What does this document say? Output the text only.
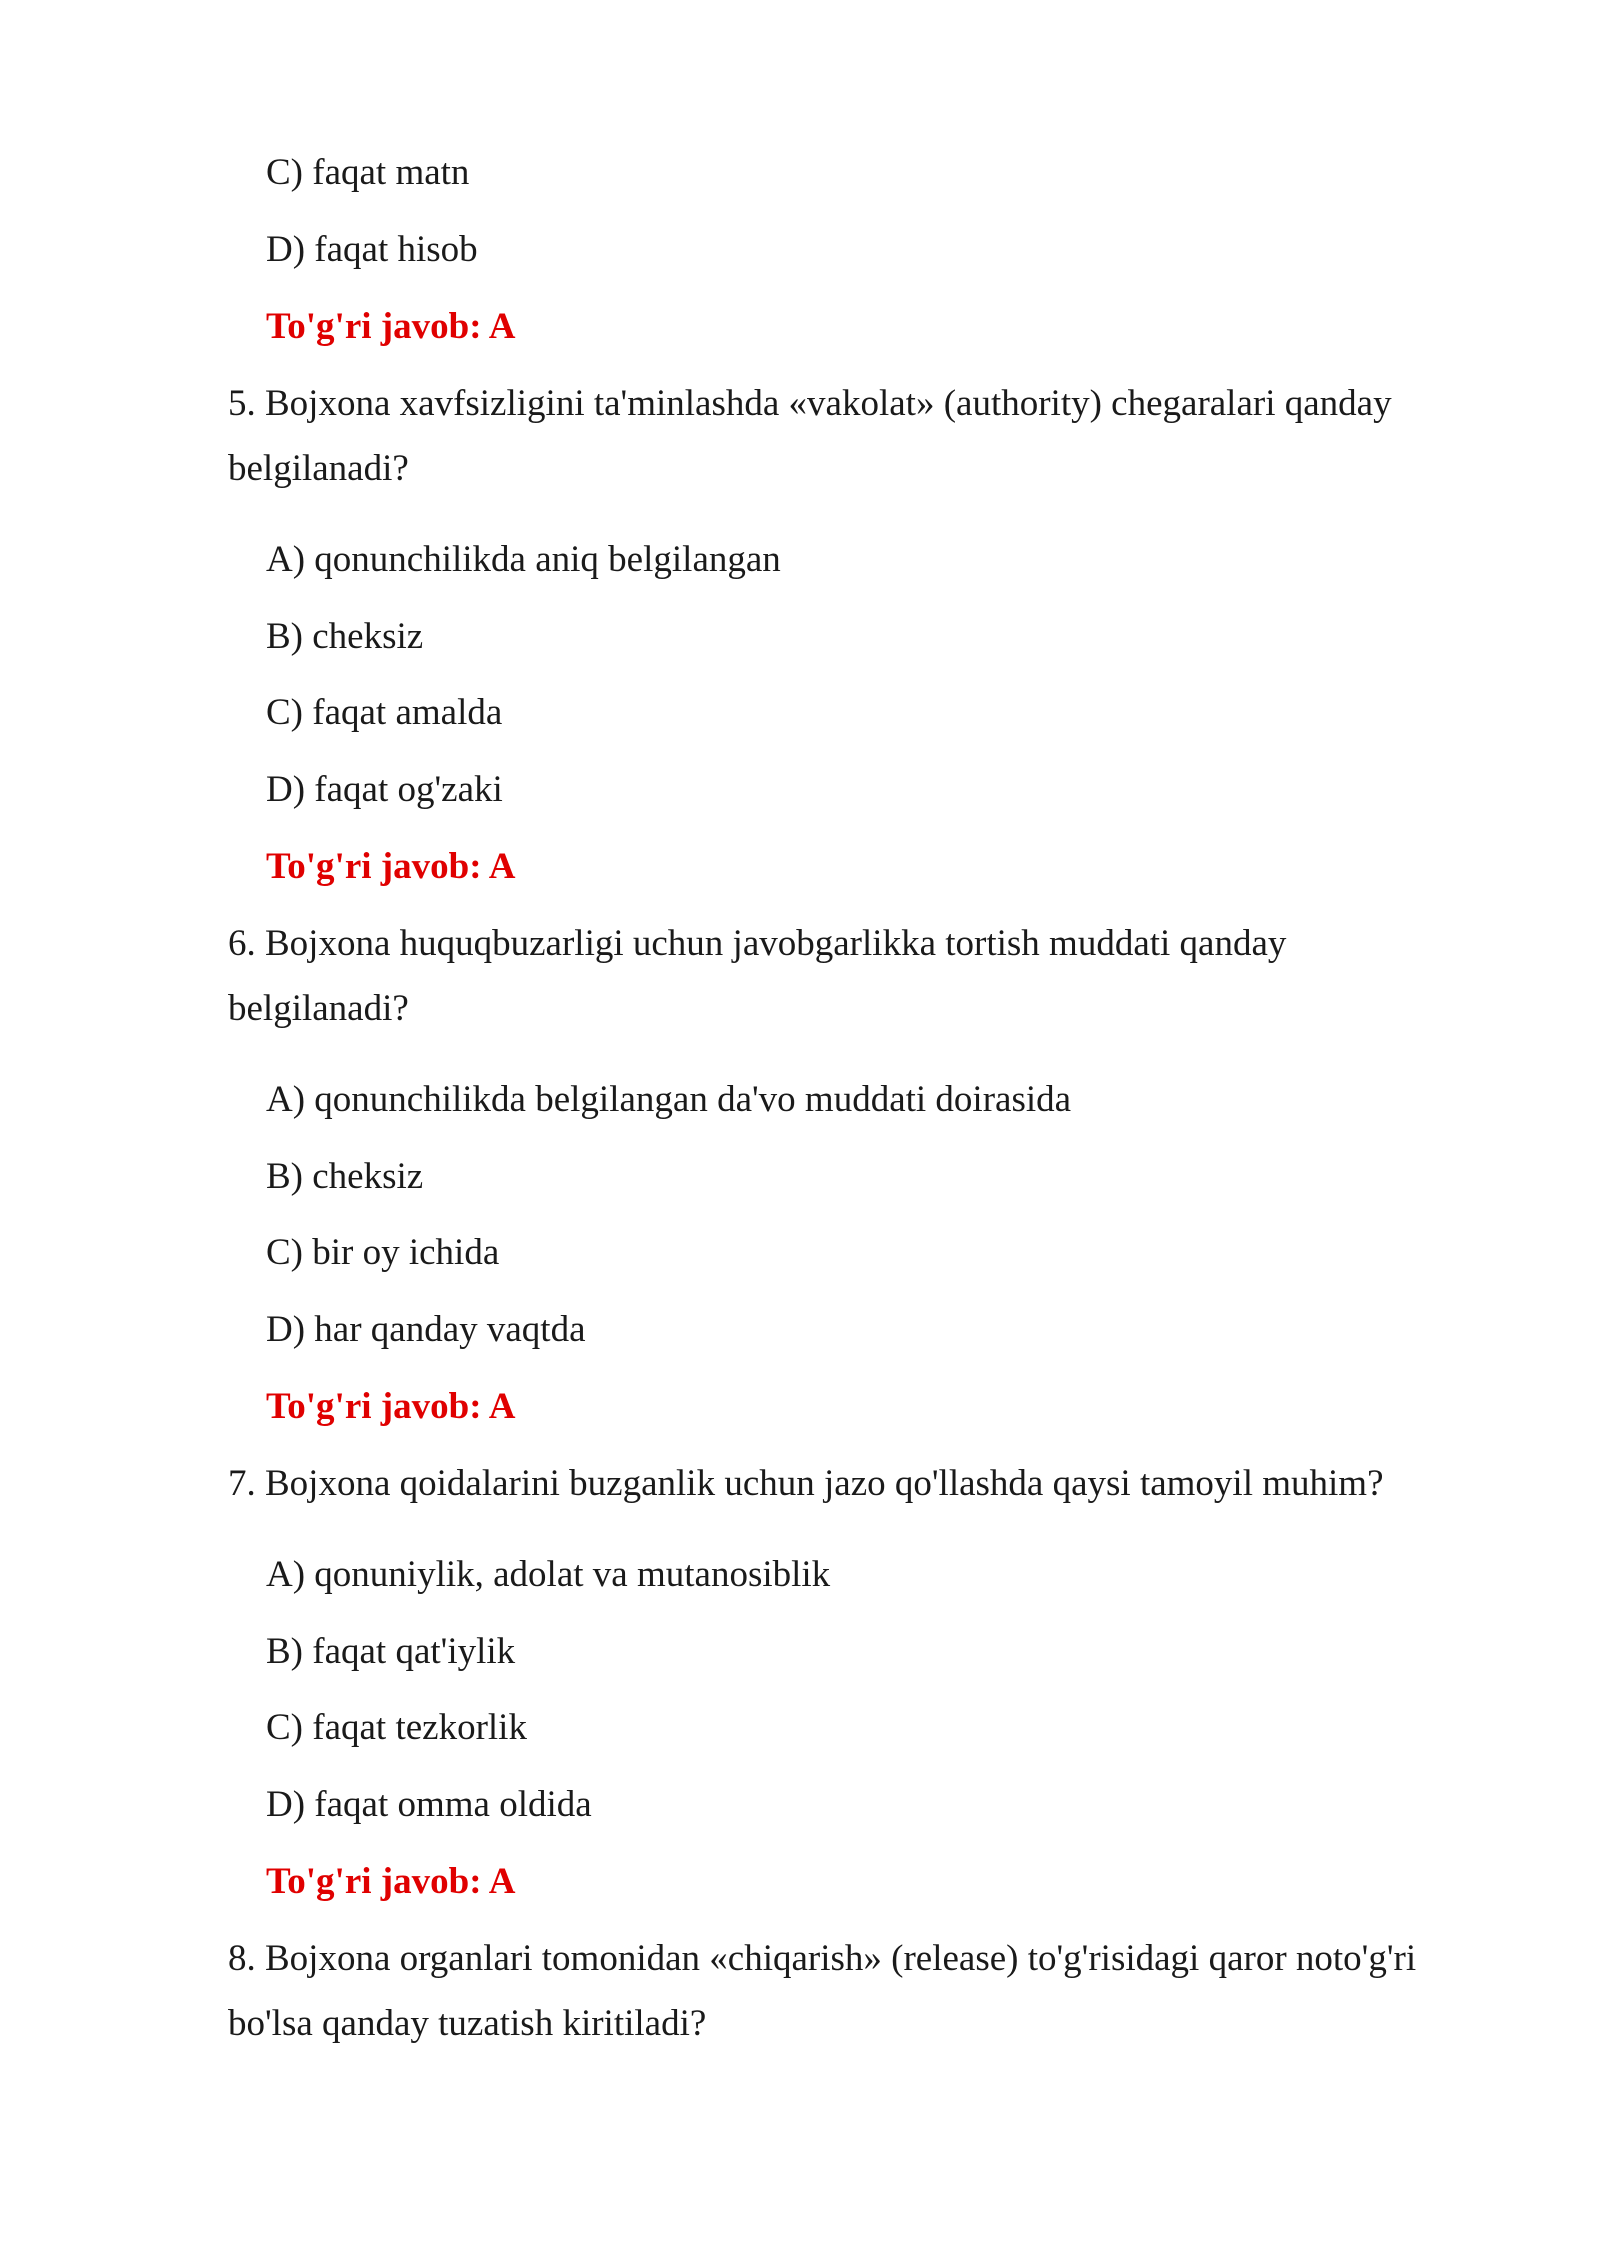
C) faqat matn

D) faqat hisob

To'g'ri javob: A

5. Bojxona xavfsizligini ta'minlashda «vakolat» (authority) chegaralari qanday

belgilanadi?

A) qonunchilikda aniq belgilangan

B) cheksiz

C) faqat amalda

D) faqat og'zaki

To'g'ri javob: A

6. Bojxona huquqbuzarligi uchun javobgarlikka tortish muddati qanday

belgilanadi?

A) qonunchilikda belgilangan da'vo muddati doirasida

B) cheksiz

C) bir oy ichida

D) har qanday vaqtda

To'g'ri javob: A

7. Bojxona qoidalarini buzganlik uchun jazo qo'llashda qaysi tamoyil muhim?

A) qonuniylik, adolat va mutanosiblik

B) faqat qat'iylik

C) faqat tezkorlik

D) faqat omma oldida

To'g'ri javob: A

8. Bojxona organlari tomonidan «chiqarish» (release) to'g'risidagi qaror noto'g'ri

bo'lsa qanday tuzatish kiritiladi?
